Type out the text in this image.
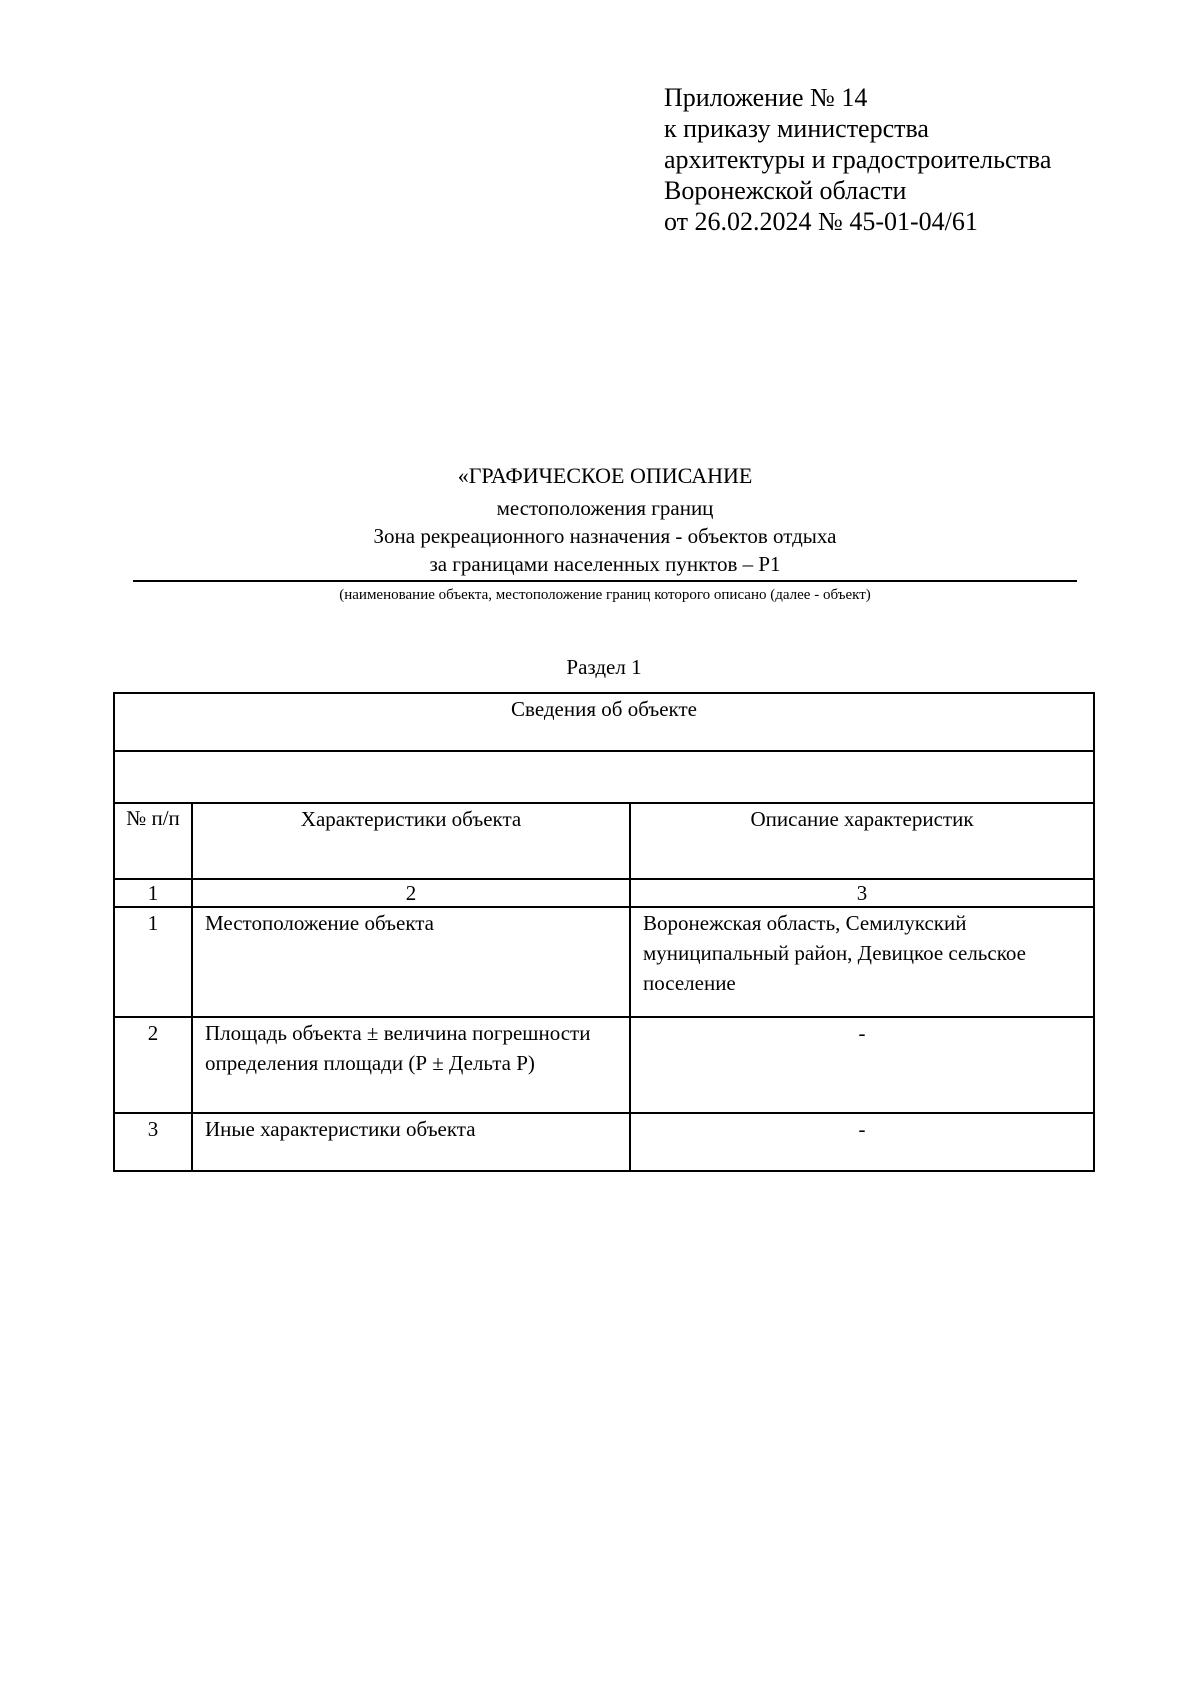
Приложение № 14
к приказу министерства
архитектуры и градостроительства
Воронежской области
от 26.02.2024 № 45-01-04/61
«ГРАФИЧЕСКОЕ ОПИСАНИЕ
местоположения границ
Зона рекреационного назначения - объектов отдыха
за границами населенных пунктов – Р1
(наименование объекта, местоположение границ которого описано (далее - объект)
Раздел 1
Сведения об объекте		

№ п/п	Характеристики объекта	Описание характеристик
1	2	3
1	Местоположение объекта	Воронежская область, Семилукский муниципальный район, Девицкое сельское поселение
2	Площадь объекта ± величина погрешности определения площади (Р ± Дельта Р)	-
3	Иные характеристики объекта	-
